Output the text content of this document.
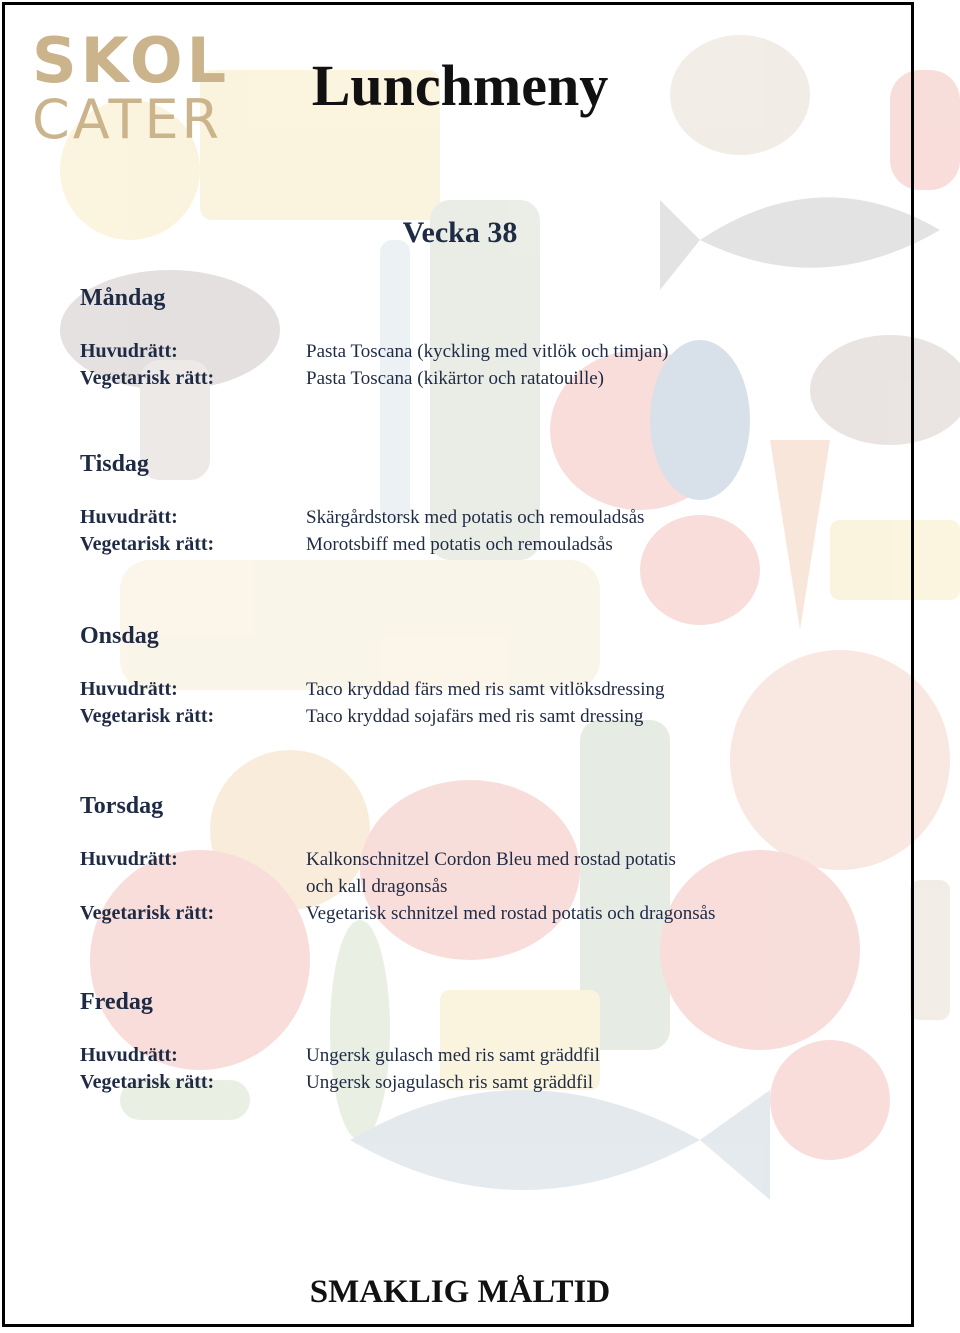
SKOL
CATER
Lunchmeny
Vecka 38
Måndag
Huvudrätt:	Pasta Toscana (kyckling med vitlök och timjan)
Vegetarisk rätt:	Pasta Toscana (kikärtor och ratatouille)
Tisdag
Huvudrätt:	Skärgårdstorsk med potatis och remouladsås
Vegetarisk rätt:	Morotsbiff med potatis och remouladsås
Onsdag
Huvudrätt:	Taco kryddad färs med ris samt vitlöksdressing
Vegetarisk rätt:	Taco kryddad sojafärs med ris samt dressing
Torsdag
Huvudrätt:	Kalkonschnitzel Cordon Bleu med rostad potatis
och kall dragonsås
Vegetarisk rätt:	Vegetarisk schnitzel med rostad potatis och dragonsås
Fredag
Huvudrätt:	Ungersk gulasch med ris samt gräddfil
Vegetarisk rätt:	Ungersk sojagulasch ris samt gräddfil

SMAKLIG MÅLTID
